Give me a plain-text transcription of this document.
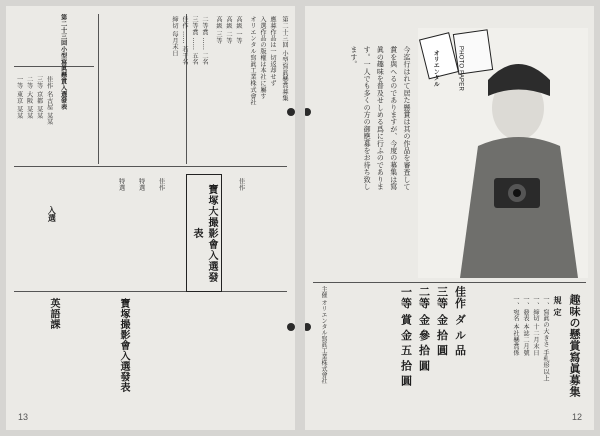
第二十三回 小型寫眞懸賞募集
應募作品は一切返却せず
入選作品の版權は本社に屬す
オリエンタル寫眞工業株式會社
高級 一等
高級 二等
高級 三等
二等賞 …… 二名
三等賞 …… 五名
佳作 …… 若干名
締切 每月末日
一等 東京 某某 二等 大阪 某某 三等 京都 某某 佳作 名古屋 某某 第二十三回小型寫眞懸賞入選發表
寶塚大撮影會入選發表
特選 特選 佳作	佳作
入選
寶塚撮影會入選發表
英語課
13
オリエンタル	PHOTO PAPER
今迄行はれて居た懸賞は其の作品を審査して賞を與へるのでありますが、今度の募集は寫眞の趣味を普及せしめる爲に行ふのであります。一人でも多くの方の御應募をお待ち致します。
趣味の懸賞寫眞募集
規 定
一、寫眞の大きさ 手札形以上
一、締切 十二月末日
一、發表 本誌二月號
一、宛名 本社懸賞係
一等 二等 三等 佳作
賞 金 五 拾 圓 金 參 拾 圓 金 拾 圓 ダ ル 品
主催 オリエンタル寫眞工業株式會社
12
